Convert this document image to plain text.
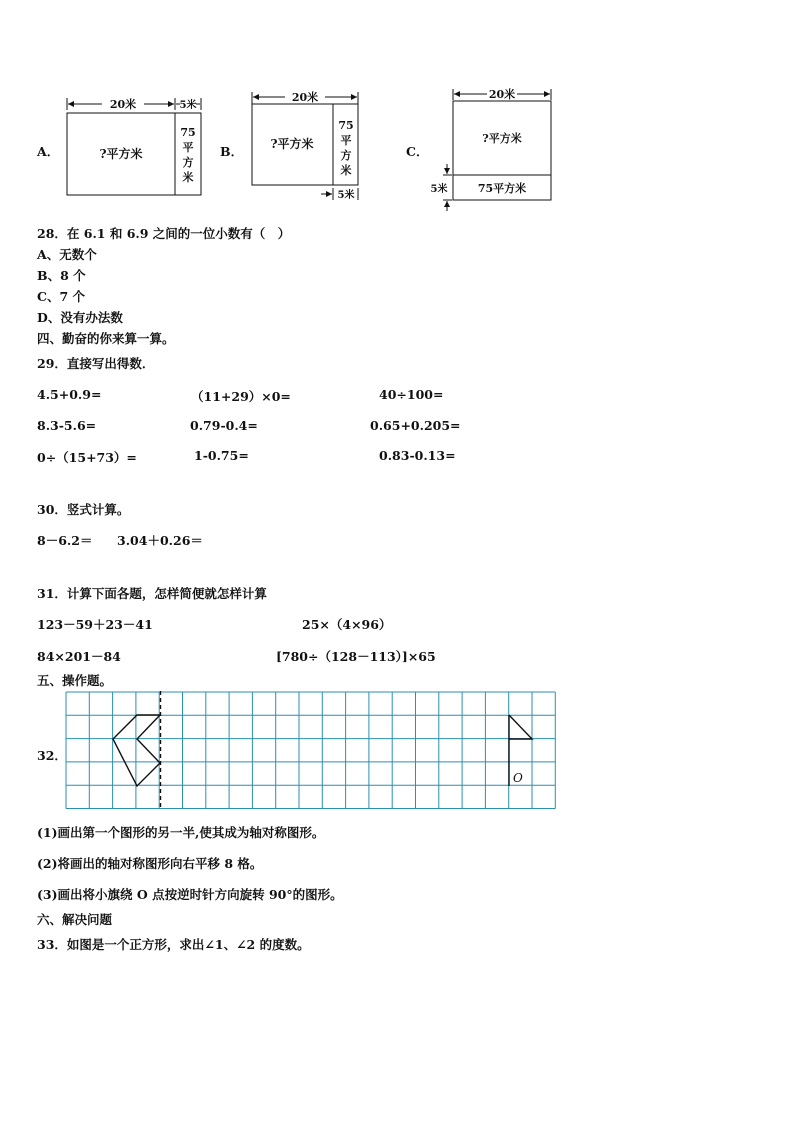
A．
20米	5米
?平方米
75
平
方
米
B．
20米
?平方米
75
平
方
米
5米
C．
20米
?平方米
75平方米
5米
28．在 6.1 和 6.9 之间的一位小数有（　）
A、无数个
B、8 个
C、7 个
D、没有办法数
四、勤奋的你来算一算。
29．直接写出得数．
4.5+0.9=	（11+29）×0=	40÷100=
8.3-5.6=	0.79-0.4=	0.65+0.205=
0÷（15+73）=	1-0.75=	0.83-0.13=
30．竖式计算。
8－6.2＝ 3.04＋0.26＝
31．计算下面各题，怎样简便就怎样计算
123－59＋23－41	25×（4×96）
84×201－84	[780÷（128－113）]×65
五、操作题。
32．
O
(1)画出第一个图形的另一半,使其成为轴对称图形。
(2)将画出的轴对称图形向右平移 8 格。
(3)画出将小旗绕 O 点按逆时针方向旋转 90°的图形。
六、解决问题
33．如图是一个正方形，求出∠1、∠2 的度数。
